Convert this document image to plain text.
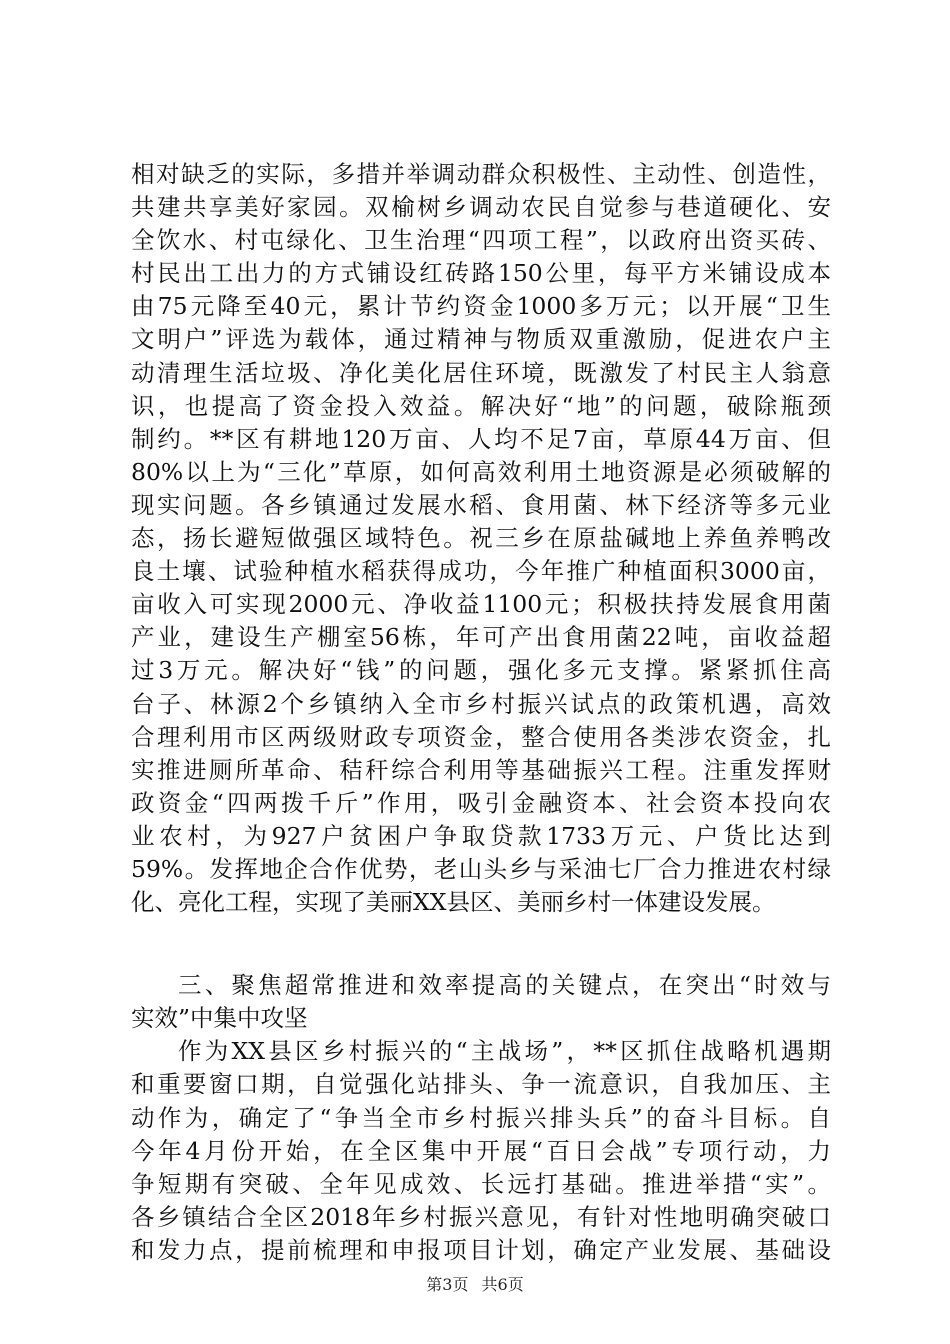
相对缺乏的实际，多措并举调动群众积极性、主动性、创造性，
共建共享美好家园。双榆树乡调动农民自觉参与巷道硬化、安
全饮水、村屯绿化、卫生治理“四项工程”，以政府出资买砖、
村民出工出力的方式铺设红砖路150公里，每平方米铺设成本
由75元降至40元，累计节约资金1000多万元；以开展“卫生
文明户”评选为载体，通过精神与物质双重激励，促进农户主
动清理生活垃圾、净化美化居住环境，既激发了村民主人翁意
识，也提高了资金投入效益。解决好“地”的问题，破除瓶颈
制约。**区有耕地120万亩、人均不足7亩，草原44万亩、但
80%以上为“三化”草原，如何高效利用土地资源是必须破解的
现实问题。各乡镇通过发展水稻、食用菌、林下经济等多元业
态，扬长避短做强区域特色。祝三乡在原盐碱地上养鱼养鸭改
良土壤、试验种植水稻获得成功，今年推广种植面积3000亩，
亩收入可实现2000元、净收益1100元；积极扶持发展食用菌
产业，建设生产棚室56栋，年可产出食用菌22吨，亩收益超
过3万元。解决好“钱”的问题，强化多元支撑。紧紧抓住高
台子、林源2个乡镇纳入全市乡村振兴试点的政策机遇，高效
合理利用市区两级财政专项资金，整合使用各类涉农资金，扎
实推进厕所革命、秸秆综合利用等基础振兴工程。注重发挥财
政资金“四两拨千斤”作用，吸引金融资本、社会资本投向农
业农村，为927户贫困户争取贷款1733万元、户货比达到
59%。发挥地企合作优势，老山头乡与采油七厂合力推进农村绿
化、亮化工程，实现了美丽XX县区、美丽乡村一体建设发展。
三、聚焦超常推进和效率提高的关键点，在突出“时效与
实效”中集中攻坚
作为XX县区乡村振兴的“主战场”，**区抓住战略机遇期
和重要窗口期，自觉强化站排头、争一流意识，自我加压、主
动作为，确定了“争当全市乡村振兴排头兵”的奋斗目标。自
今年4月份开始，在全区集中开展“百日会战”专项行动，力
争短期有突破、全年见成效、长远打基础。推进举措“实”。
各乡镇结合全区2018年乡村振兴意见，有针对性地明确突破口
和发力点，提前梳理和申报项目计划，确定产业发展、基础设
第3页 共6页
